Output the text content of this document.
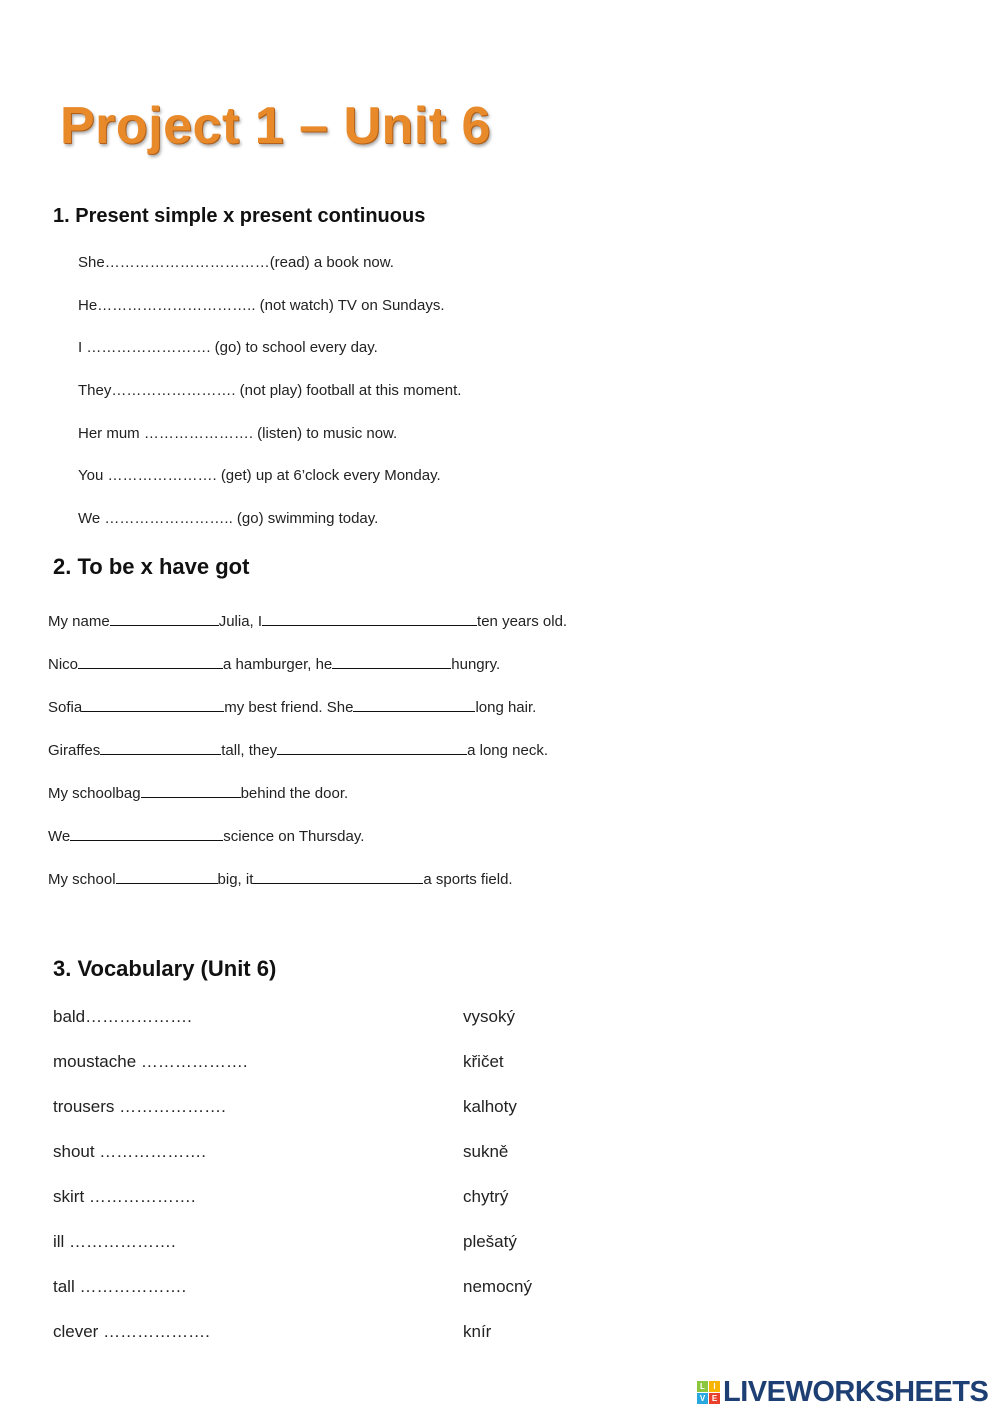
Project 1 – Unit 6
1. Present simple x present continuous
She……………………………(read) a book now.
He………………………….. (not watch) TV on Sundays.
I ……………………. (go) to school every day.
They……………………. (not play) football at this moment.
Her mum …………………. (listen) to music now.
You …………………. (get) up at 6’clock every Monday.
We …………………….. (go) swimming today.
2. To be x have got
My name	Julia, I	ten years old.
Nico	a hamburger, he	hungry.
Sofia	my best friend. She	long hair.
Giraffes	tall, they	a long neck.
My schoolbag	behind the door.
We	science on Thursday.
My school	big, it	a sports field.
3. Vocabulary (Unit 6)
bald……………….	vysoký
moustache ……………….	křičet
trousers ……………….	kalhoty
shout ……………….	sukně
skirt ……………….	chytrý
ill ……………….	plešatý
tall ……………….	nemocný
clever ……………….	knír
L	I
V E LIVEWORKSHEETS
